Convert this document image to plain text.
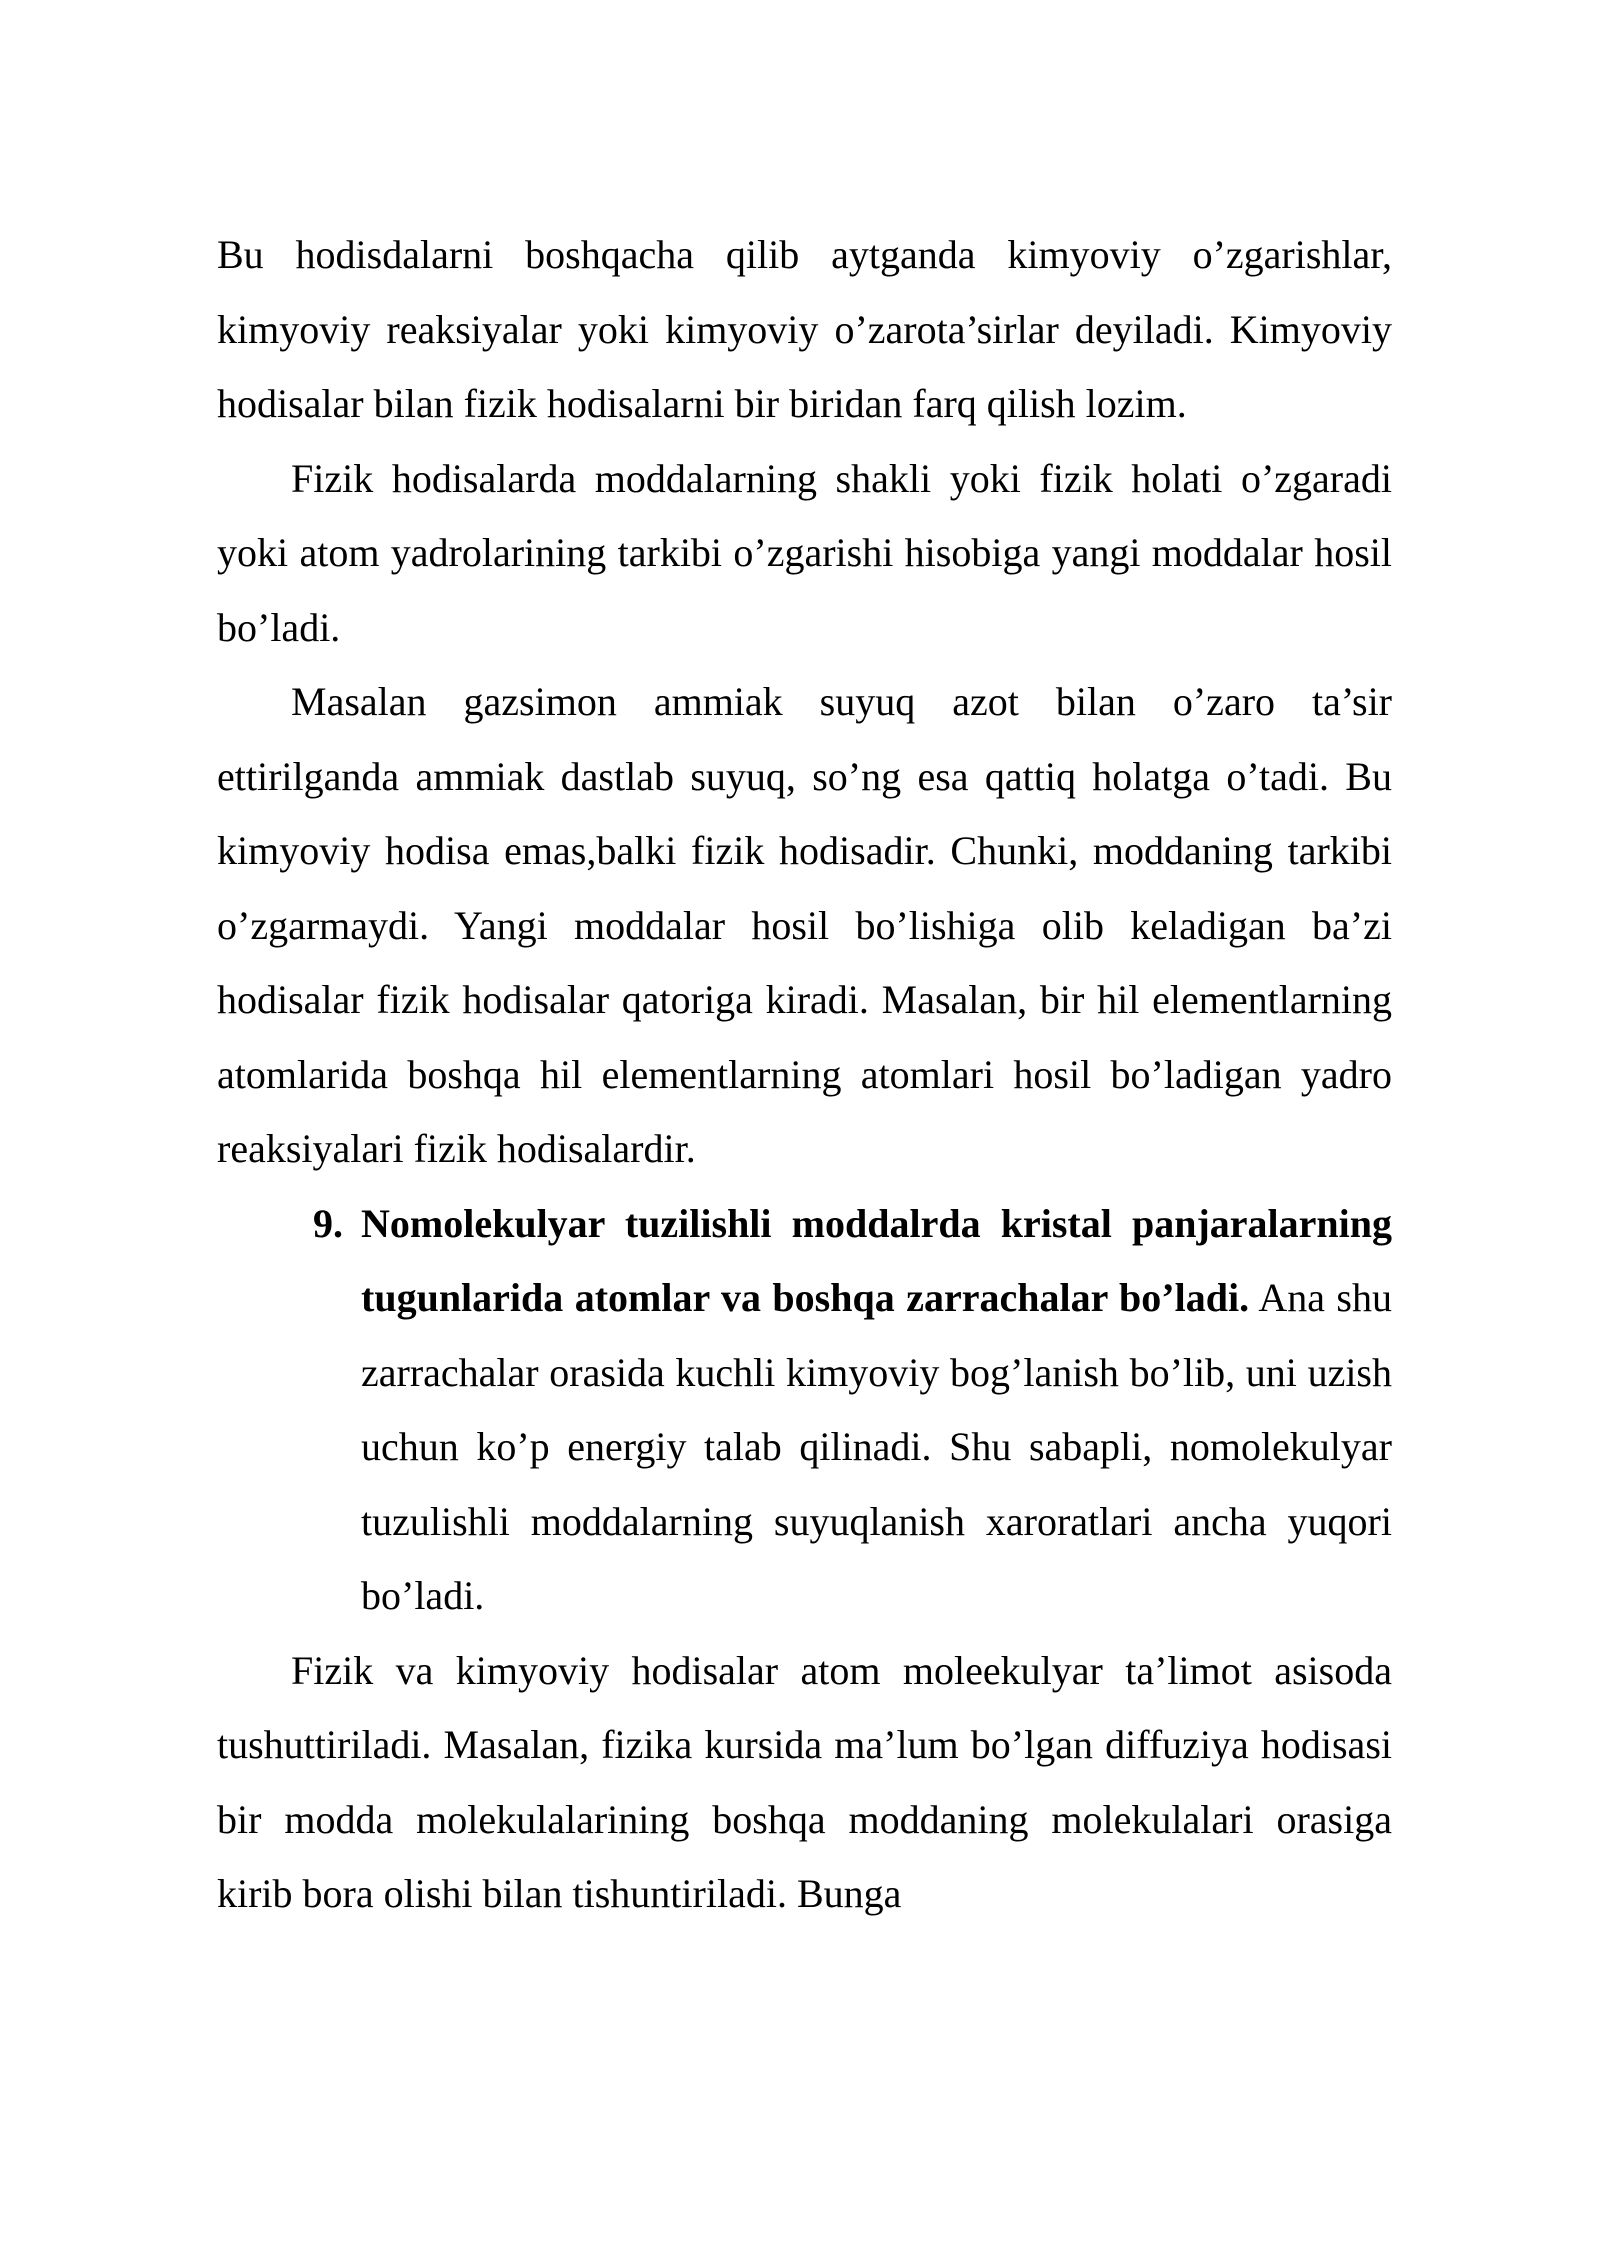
Bu hodisdalarni boshqacha qilib aytganda kimyoviy o’zgarishlar, kimyoviy reaksiyalar yoki kimyoviy o’zarota’sirlar deyiladi. Kimyoviy hodisalar bilan fizik hodisalarni bir biridan farq qilish lozim.

Fizik hodisalarda moddalarning shakli yoki fizik holati o’zgaradi yoki atom yadrolarining tarkibi o’zgarishi hisobiga yangi moddalar hosil bo’ladi.

Masalan gazsimon ammiak suyuq azot bilan o’zaro ta’sir ettirilganda ammiak dastlab suyuq, so’ng esa qattiq holatga o’tadi. Bu kimyoviy hodisa emas,balki fizik hodisadir. Chunki, moddaning tarkibi o’zgarmaydi. Yangi moddalar hosil bo’lishiga olib keladigan ba’zi hodisalar fizik hodisalar qatoriga kiradi. Masalan, bir hil elementlarning atomlarida boshqa hil elementlarning atomlari hosil bo’ladigan yadro reaksiyalari fizik hodisalardir.

9. Nomolekulyar tuzilishli moddalrda kristal panjaralarning tugunlarida atomlar va boshqa zarrachalar bo’ladi. Ana shu zarrachalar orasida kuchli kimyoviy bog’lanish bo’lib, uni uzish uchun ko’p energiy talab qilinadi. Shu sabapli, nomolekulyar tuzulishli moddalarning suyuqlanish xaroratlari ancha yuqori bo’ladi.

Fizik va kimyoviy hodisalar atom moleekulyar ta’limot asisoda tushuttiriladi. Masalan, fizika kursida ma’lum bo’lgan diffuziya hodisasi bir modda molekulalarining boshqa moddaning molekulalari orasiga kirib bora olishi bilan tishuntiriladi. Bunga
